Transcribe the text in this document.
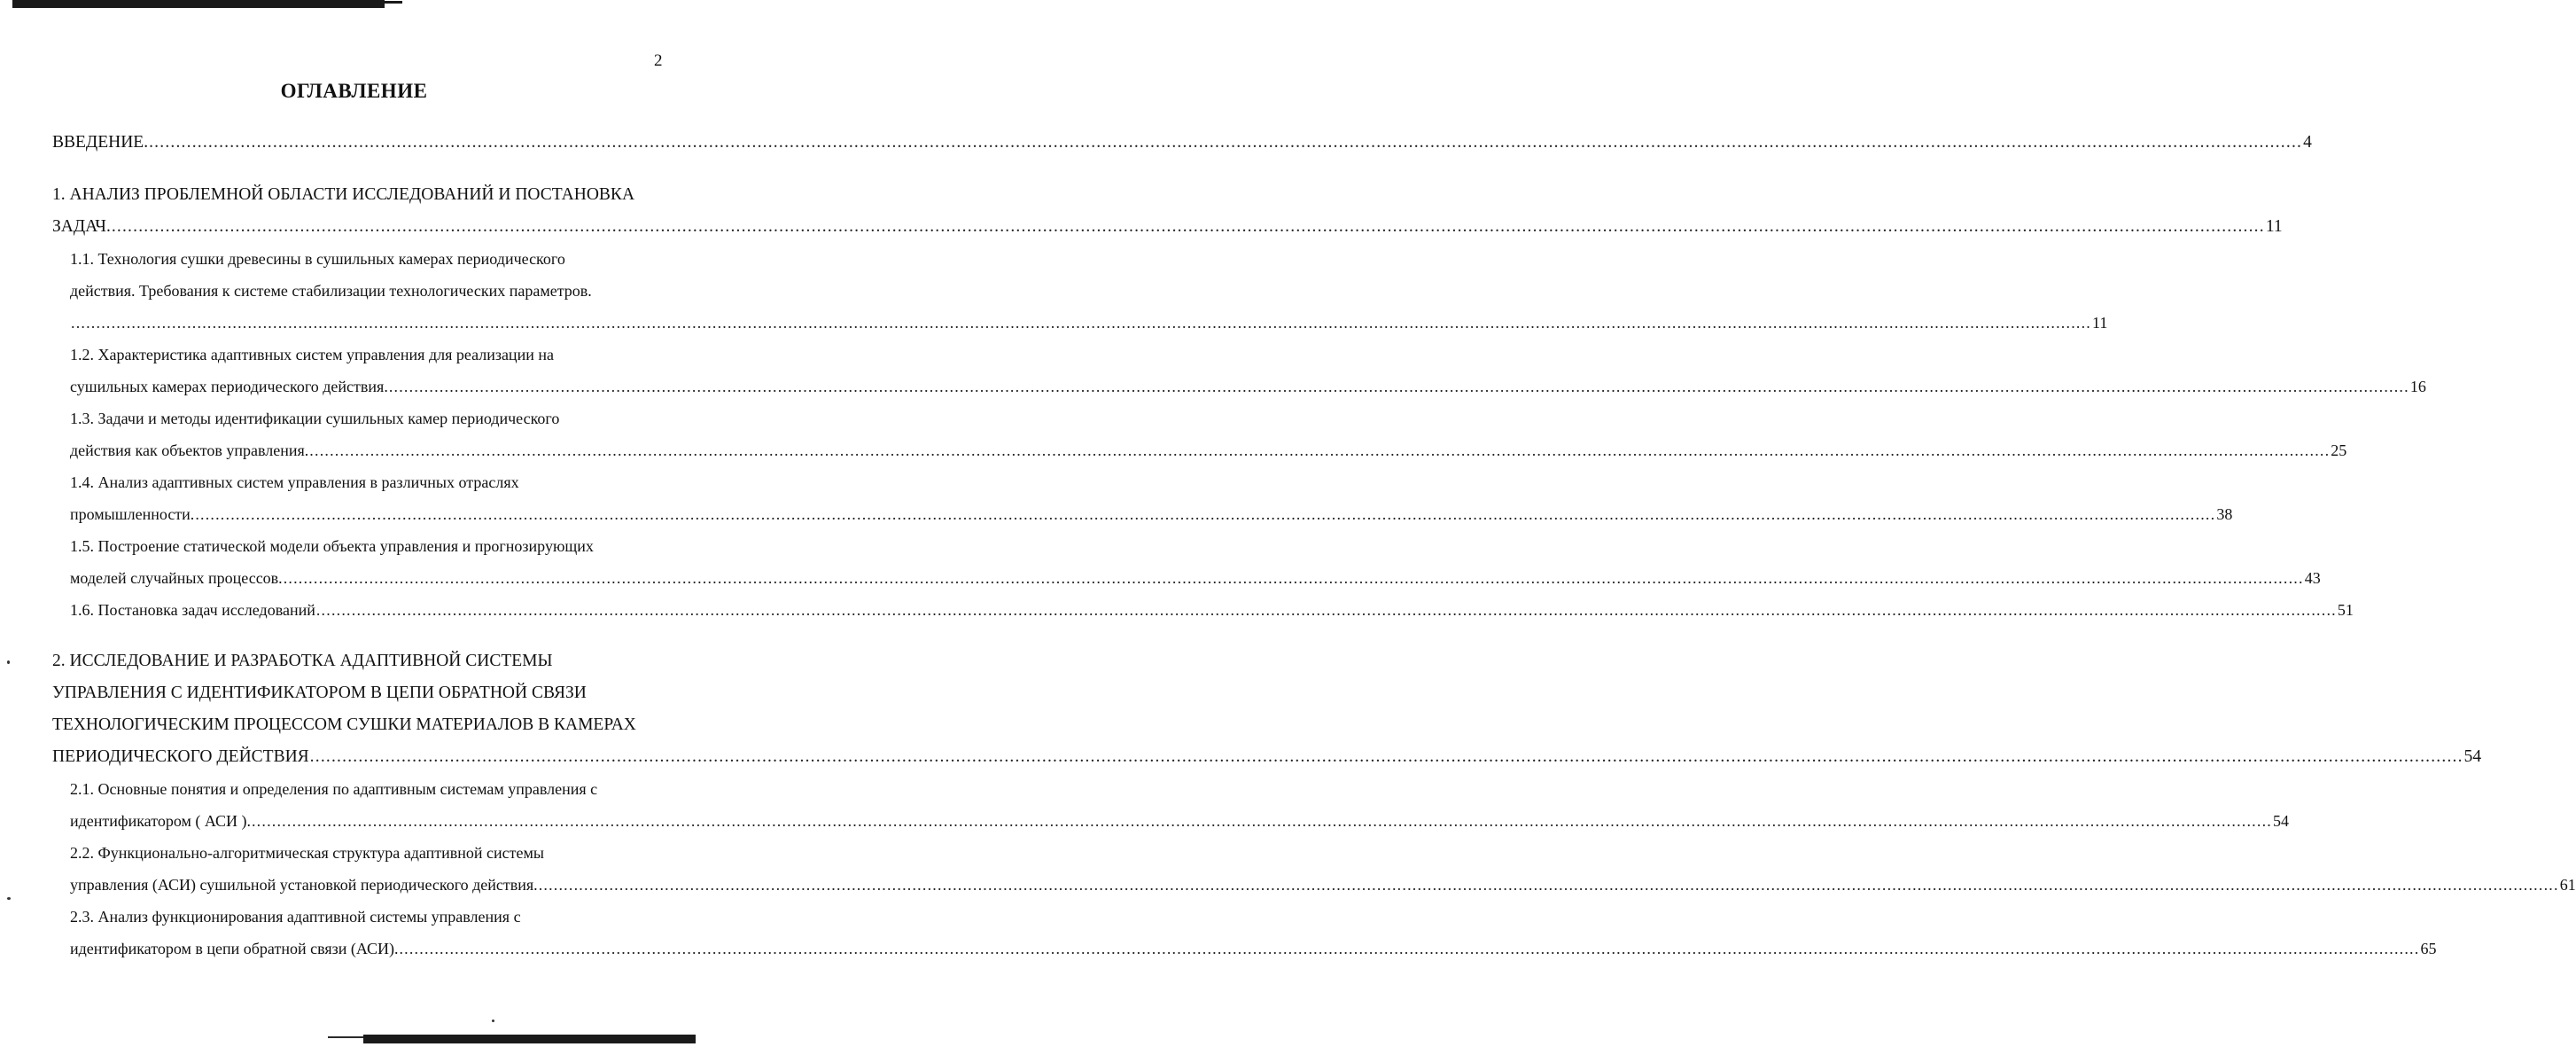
2
ОГЛАВЛЕНИЕ
ВВЕДЕНИЕ. ................................................................................................................................................................................................................................................................................................................................................................................................................ 4
1. АНАЛИЗ ПРОБЛЕМНОЙ ОБЛАСТИ ИССЛЕДОВАНИЙ И ПОСТАНОВКА
ЗАДАЧ. ................................................................................................................................................................................................................................................................................................................................................................................................................ 11
1.1. Технология сушки древесины в сушильных камерах периодического
действия. Требования к системе стабилизации технологических параметров.
................................................................................................................................................................................................................................................................................................................................................................................................................ 11
1.2. Характеристика адаптивных систем управления для реализации на
сушильных камерах периодического действия. ................................................................................................................................................................................................................................................................................................................................................................................................................ 16
1.3. Задачи и методы идентификации сушильных камер периодического
действия как объектов управления. ................................................................................................................................................................................................................................................................................................................................................................................................................ 25
1.4. Анализ адаптивных систем управления в различных отраслях
промышленности. ................................................................................................................................................................................................................................................................................................................................................................................................................ 38
1.5. Построение статической модели объекта управления и прогнозирующих
моделей случайных процессов. ................................................................................................................................................................................................................................................................................................................................................................................................................ 43
1.6. Постановка задач исследований ................................................................................................................................................................................................................................................................................................................................................................................................................ 51
2. ИССЛЕДОВАНИЕ И РАЗРАБОТКА АДАПТИВНОЙ СИСТЕМЫ
УПРАВЛЕНИЯ С ИДЕНТИФИКАТОРОМ В ЦЕПИ ОБРАТНОЙ СВЯЗИ
ТЕХНОЛОГИЧЕСКИМ ПРОЦЕССОМ СУШКИ МАТЕРИАЛОВ В КАМЕРАХ
ПЕРИОДИЧЕСКОГО ДЕЙСТВИЯ ................................................................................................................................................................................................................................................................................................................................................................................................................ 54
2.1. Основные понятия и определения по адаптивным системам управления с
идентификатором ( АСИ ). ................................................................................................................................................................................................................................................................................................................................................................................................................ 54
2.2. Функционально-алгоритмическая структура адаптивной системы
управления (АСИ) сушильной установкой периодического действия. ................................................................................................................................................................................................................................................................................................................................................................................................................ 61
2.3. Анализ функционирования адаптивной системы управления с
идентификатором в цепи обратной связи (АСИ). ................................................................................................................................................................................................................................................................................................................................................................................................................ 65
